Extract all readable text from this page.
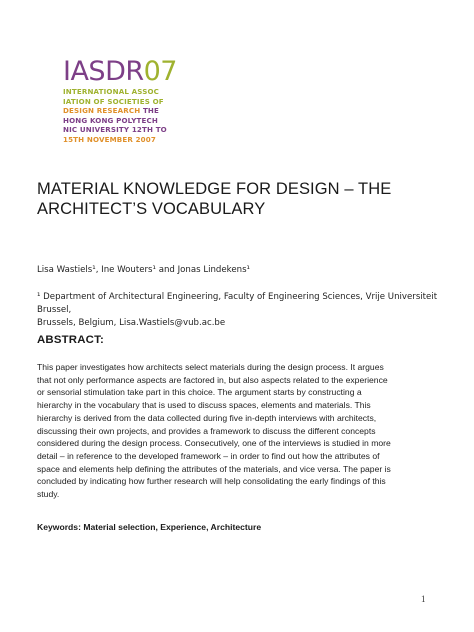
IASDR 07
INTERNATIONAL ASSOC
IATION OF SOCIETIES OF
DESIGN RESEARCH THE
HONG KONG POLYTECH
NIC UNIVERSITY 12TH TO
15TH NOVEMBER 2007
MATERIAL KNOWLEDGE FOR DESIGN – THE
ARCHITECT’S VOCABULARY
Lisa Wastiels¹, Ine Wouters¹ and Jonas Lindekens¹
¹ Department of Architectural Engineering, Faculty of Engineering Sciences, Vrije Universiteit Brussel,
Brussels, Belgium, Lisa.Wastiels@vub.ac.be
ABSTRACT:
This paper investigates how architects select materials during the design process. It argues
that not only performance aspects are factored in, but also aspects related to the experience
or sensorial stimulation take part in this choice. The argument starts by constructing a
hierarchy in the vocabulary that is used to discuss spaces, elements and materials. This
hierarchy is derived from the data collected during five in-depth interviews with architects,
discussing their own projects, and provides a framework to discuss the different concepts
considered during the design process. Consecutively, one of the interviews is studied in more
detail – in reference to the developed framework – in order to find out how the attributes of
space and elements help defining the attributes of the materials, and vice versa. The paper is
concluded by indicating how further research will help consolidating the early findings of this
study.
Keywords: Material selection, Experience, Architecture
1
